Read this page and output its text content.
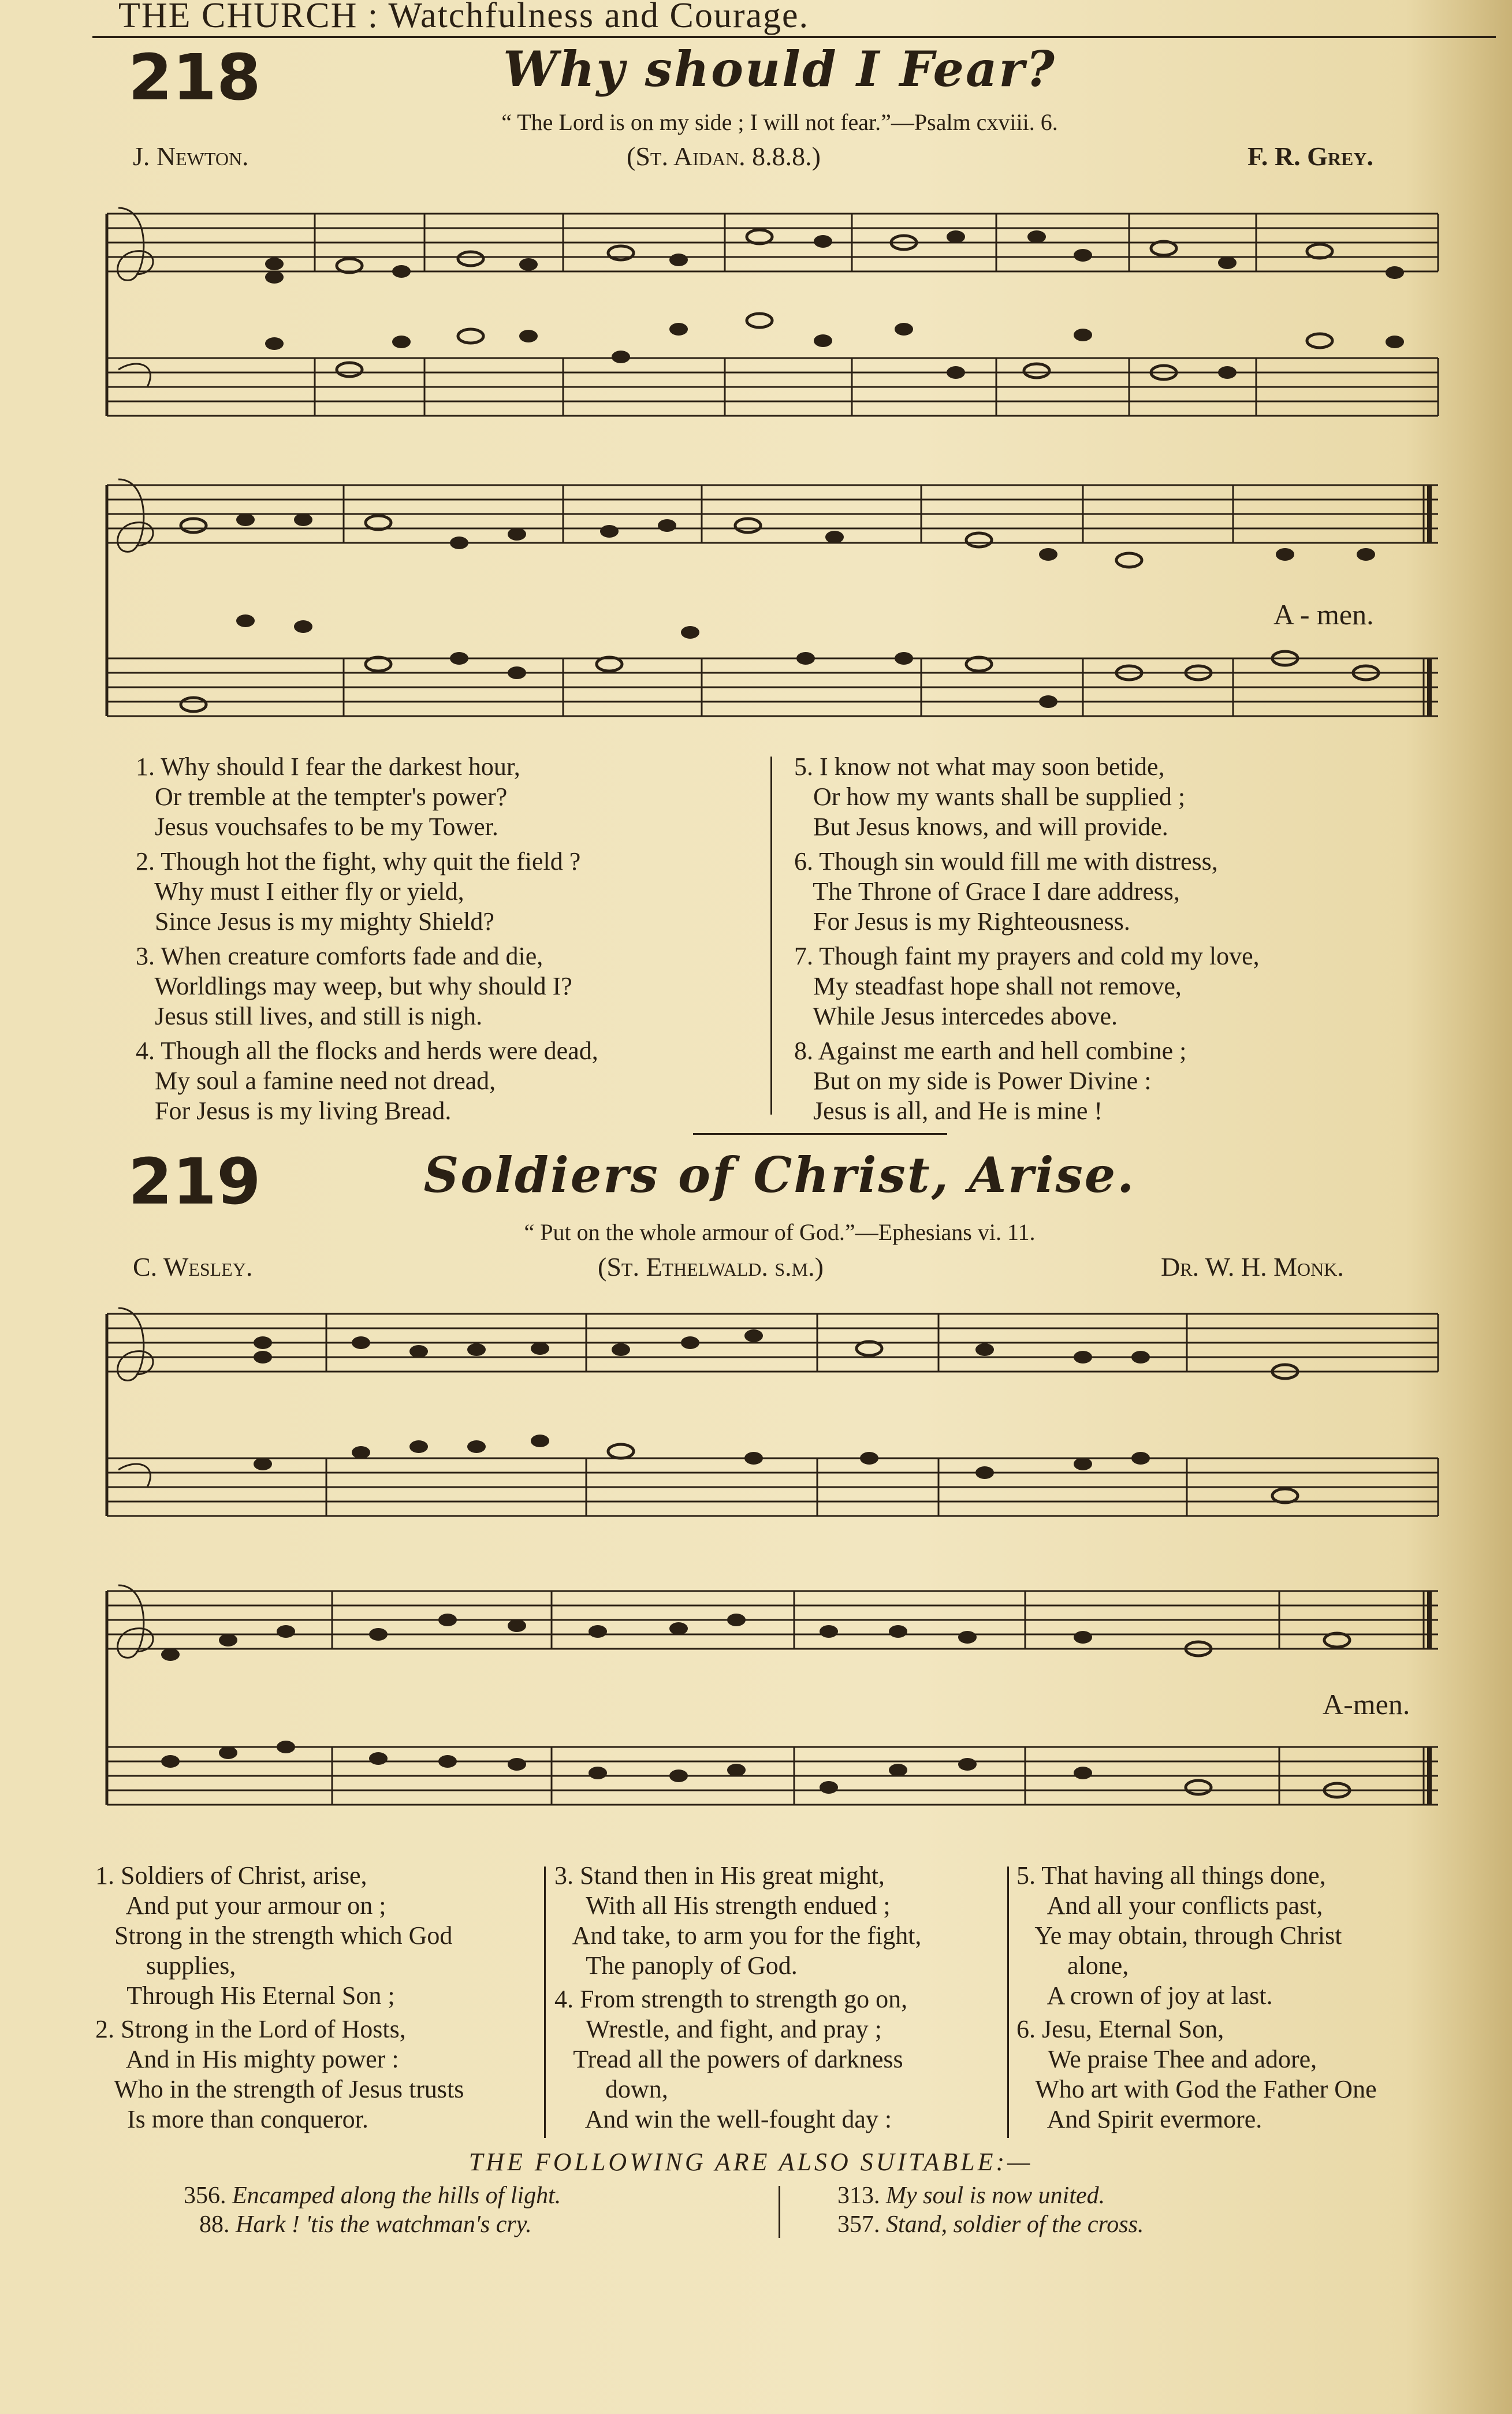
THE CHURCH : Watchfulness and Courage.
218	Why should I Fear?
“ The Lord is on my side ; I will not fear.”—Psalm cxviii. 6.
J. Newton.	(St. Aidan. 8.8.8.)	F. R. Grey.
A - men.
1. Why should I fear the darkest hour,
Or tremble at the tempter's power?
Jesus vouchsafes to be my Tower.
2. Though hot the fight, why quit the field ?
Why must I either fly or yield,
Since Jesus is my mighty Shield?
3. When creature comforts fade and die,
Worldlings may weep, but why should I?
Jesus still lives, and still is nigh.
4. Though all the flocks and herds were dead,
My soul a famine need not dread,
For Jesus is my living Bread.
5. I know not what may soon betide,
Or how my wants shall be supplied ;
But Jesus knows, and will provide.
6. Though sin would fill me with distress,
The Throne of Grace I dare address,
For Jesus is my Righteousness.
7. Though faint my prayers and cold my love,
My steadfast hope shall not remove,
While Jesus intercedes above.
8. Against me earth and hell combine ;
But on my side is Power Divine :
Jesus is all, and He is mine !
219	Soldiers of Christ, Arise.
“ Put on the whole armour of God.”—Ephesians vi. 11.
C. Wesley.	(St. Ethelwald. s.m.)	Dr. W. H. Monk.
A-men.
1. Soldiers of Christ, arise,
And put your armour on ;
Strong in the strength which God
supplies,
Through His Eternal Son ;
2. Strong in the Lord of Hosts,
And in His mighty power :
Who in the strength of Jesus trusts
Is more than conqueror.
3. Stand then in His great might,
With all His strength endued ;
And take, to arm you for the fight,
The panoply of God.
4. From strength to strength go on,
Wrestle, and fight, and pray ;
Tread all the powers of darkness
down,
And win the well-fought day :
5. That having all things done,
And all your conflicts past,
Ye may obtain, through Christ
alone,
A crown of joy at last.
6. Jesu, Eternal Son,
We praise Thee and adore,
Who art with God the Father One
And Spirit evermore.
THE FOLLOWING ARE ALSO SUITABLE:—
356. Encamped along the hills of light.
88. Hark ! 'tis the watchman's cry.
313. My soul is now united.
357. Stand, soldier of the cross.
